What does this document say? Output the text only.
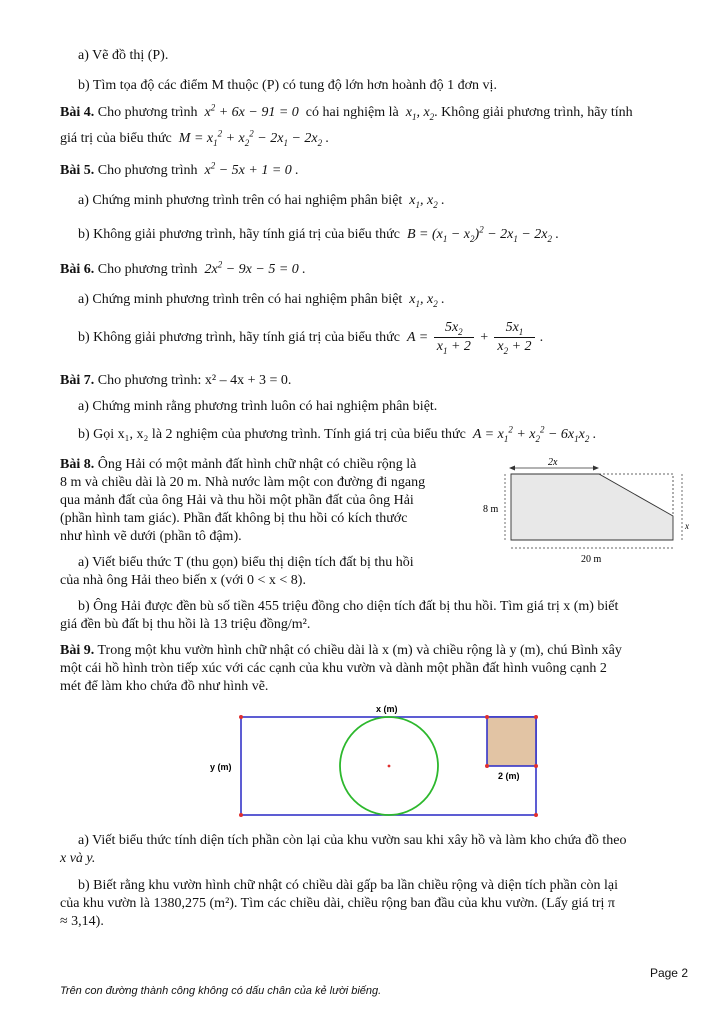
a) Vẽ đồ thị (P).
b) Tìm tọa độ các điểm M thuộc (P) có tung độ lớn hơn hoành độ 1 đơn vị.
Bài 4. Cho phương trình  $x^2 + 6x - 91 = 0$  có hai nghiệm là  $x_1$, $x_2$. Không giải phương trình, hãy tính
giá trị của biểu thức  $M = x_1^2 + x_2^2 - 2x_1 - 2x_2$ .
Bài 5. Cho phương trình  $x^2 - 5x + 1 = 0$ .
a) Chứng minh phương trình trên có hai nghiệm phân biệt  $x_1$, $x_2$ .
b) Không giải phương trình, hãy tính giá trị của biểu thức  $B = (x_1 - x_2)^2 - 2x_1 - 2x_2$ .
Bài 6. Cho phương trình  $2x^2 - 9x - 5 = 0$ .
a) Chứng minh phương trình trên có hai nghiệm phân biệt  $x_1$, $x_2$ .
b) Không giải phương trình, hãy tính giá trị của biểu thức  $A = \frac{5x_2}{x_1 + 2} + \frac{5x_1}{x_2 + 2}$ .
Bài 7. Cho phương trình: x² – 4x + 3 = 0.
a) Chứng minh rằng phương trình luôn có hai nghiệm phân biệt.
b) Gọi x₁, x₂ là 2 nghiệm của phương trình. Tính giá trị của biểu thức  $A = x_1^2 + x_2^2 - 6x_1x_2$ .
Bài 8. Ông Hải có một mảnh đất hình chữ nhật có chiều rộng là
8 m và chiều dài là 20 m. Nhà nước làm một con đường đi ngang
qua mảnh đất của ông Hải và thu hồi một phần đất của ông Hải
(phần hình tam giác). Phần đất không bị thu hồi có kích thước
như hình vẽ dưới (phần tô đậm).
a) Viết biểu thức T (thu gọn) biểu thị diện tích đất bị thu hồi
của nhà ông Hải theo biến x (với 0 < x < 8).
b) Ông Hải được đền bù số tiền 455 triệu đồng cho diện tích đất bị thu hồi. Tìm giá trị x (m) biết
giá đền bù đất bị thu hồi là 13 triệu đồng/m².
2x
x
8 m
20 m
Bài 9. Trong một khu vườn hình chữ nhật có chiều dài là x (m) và chiều rộng là y (m), chú Bình xây
một cái hồ hình tròn tiếp xúc với các cạnh của khu vườn và dành một phần đất hình vuông cạnh 2
mét để làm kho chứa đồ như hình vẽ.
x (m)
y (m)
2 (m)
a) Viết biểu thức tính diện tích phần còn lại của khu vườn sau khi xây hồ và làm kho chứa đồ theo
x và y.
b) Biết rằng khu vườn hình chữ nhật có chiều dài gấp ba lần chiều rộng và diện tích phần còn lại
của khu vườn là 1380,275 (m²). Tìm các chiều dài, chiều rộng ban đầu của khu vườn. (Lấy giá trị π
≈ 3,14).
Page 2
Trên con đường thành công không có dấu chân của kẻ lười biếng.
